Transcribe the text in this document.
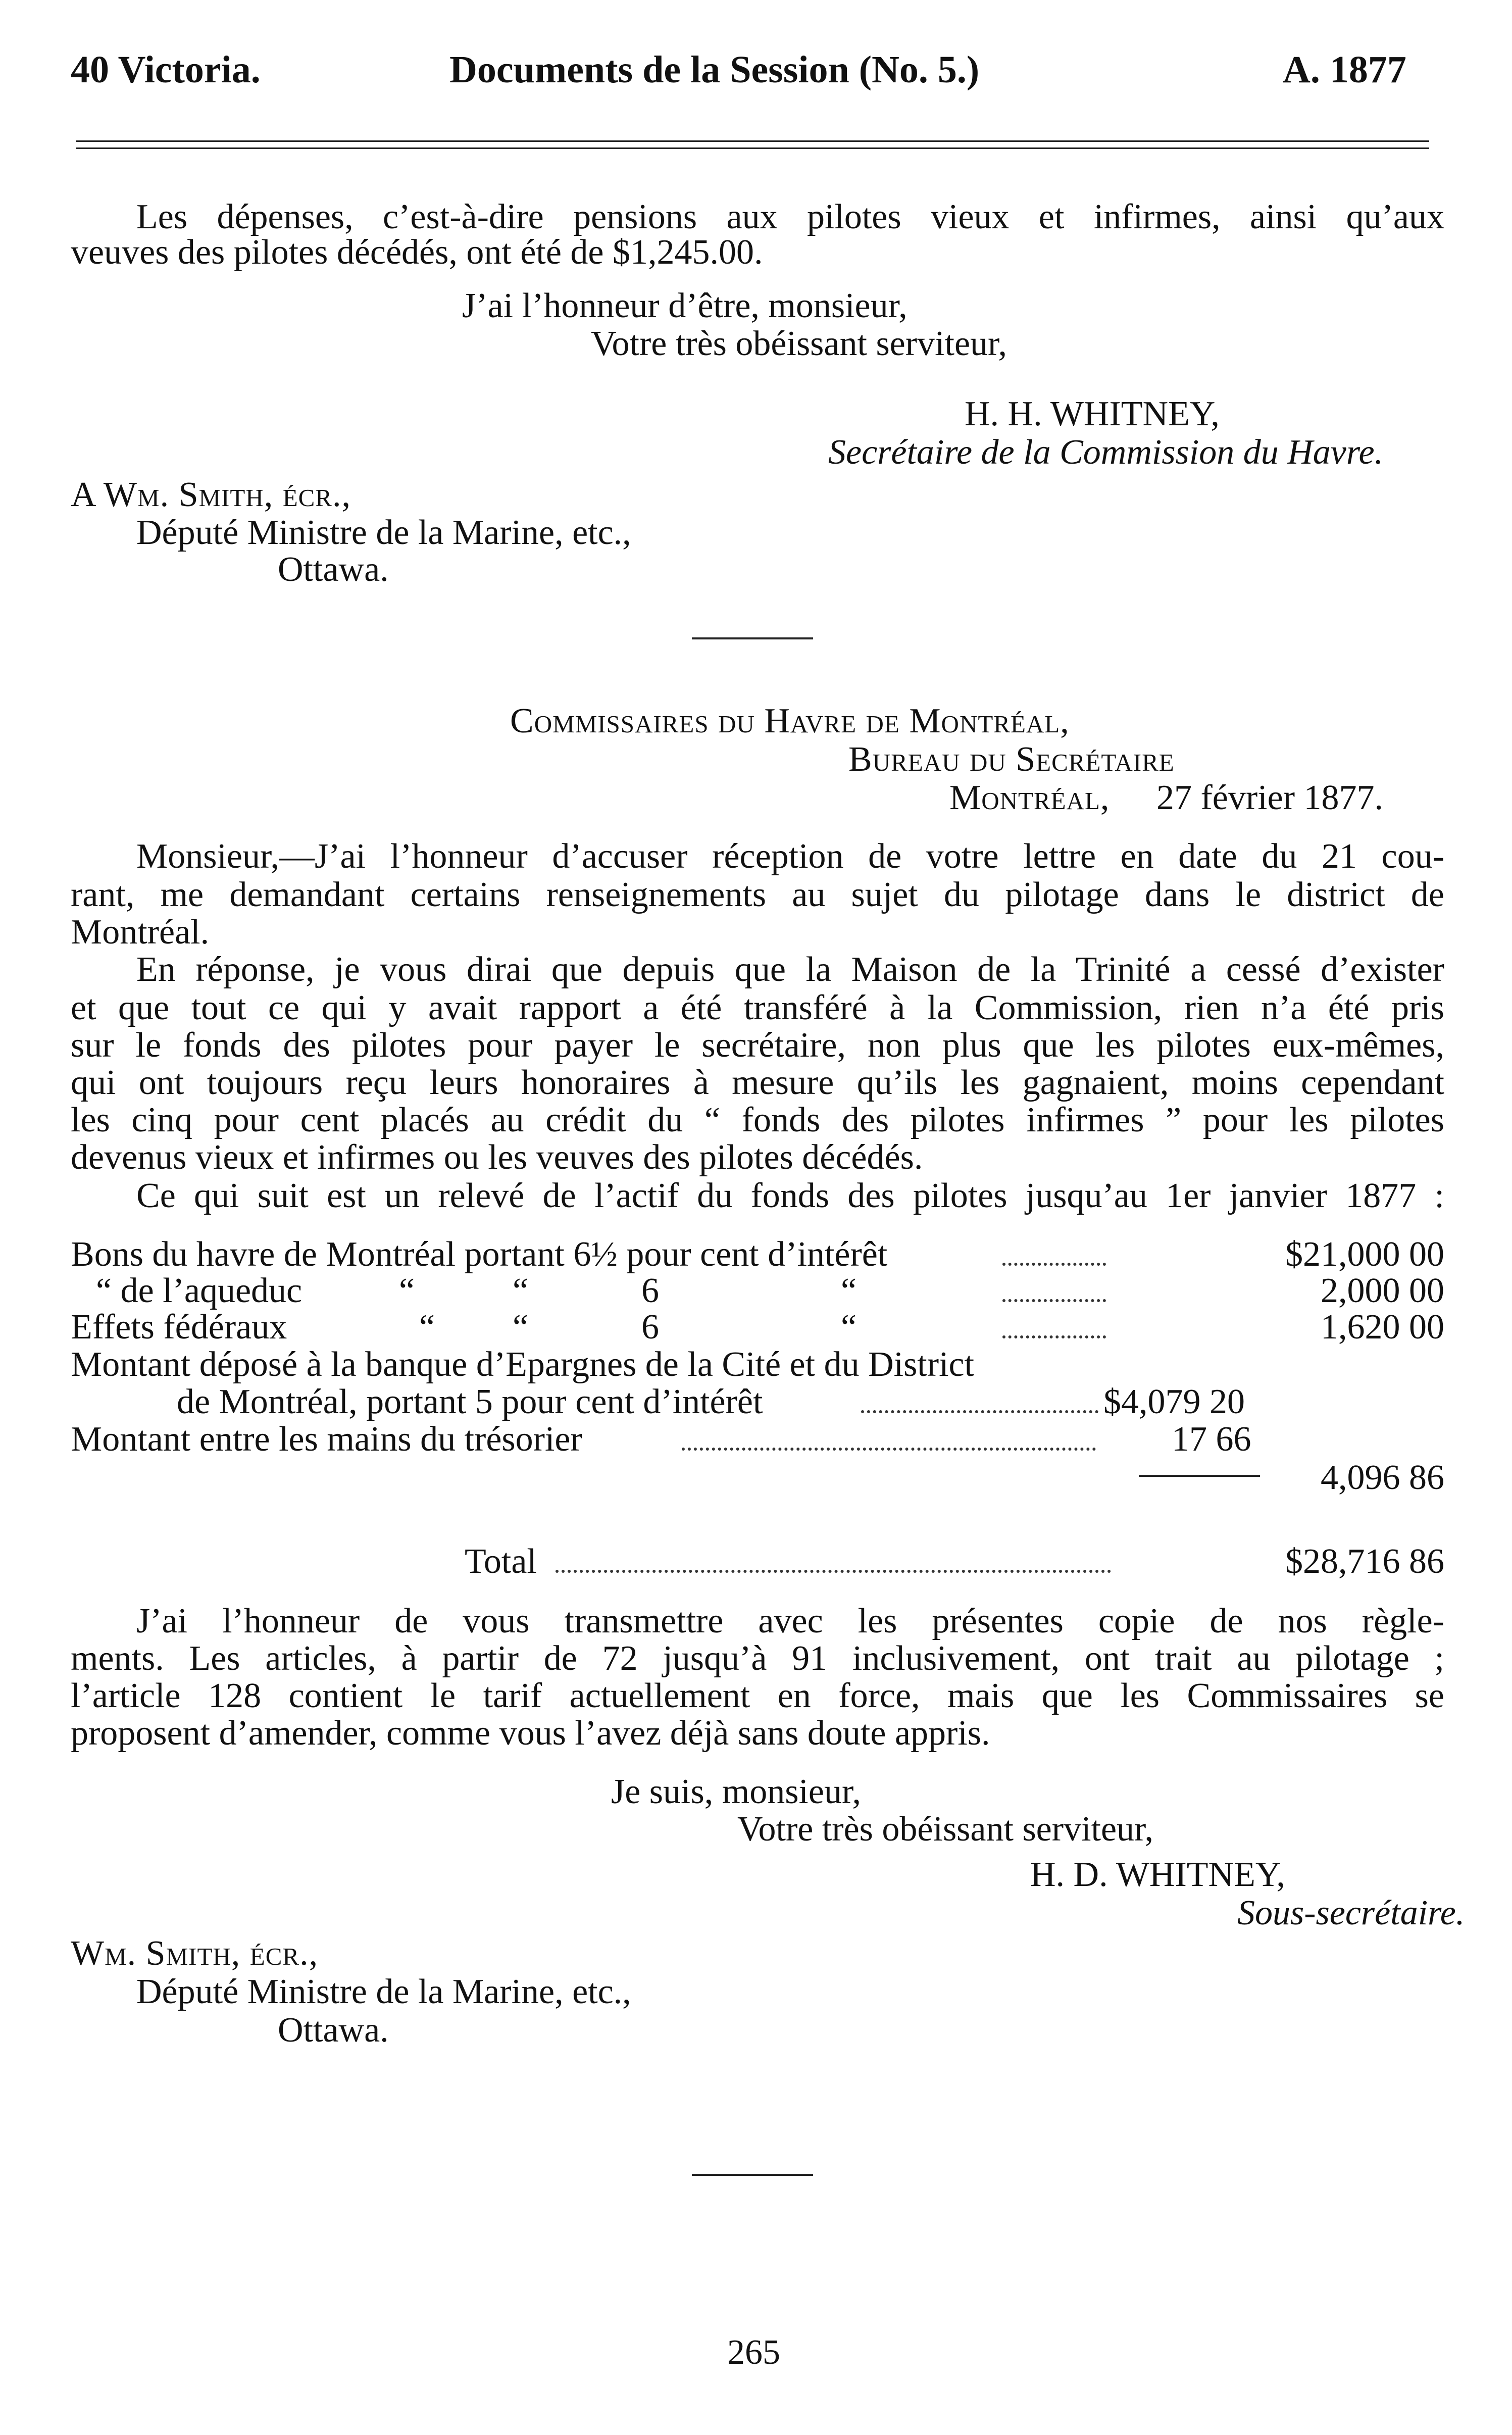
40 Victoria.	Documents de la Session (No. 5.)	A. 1877
Les dépenses, c’est-à-dire pensions aux pilotes vieux et infirmes, ainsi qu’aux
veuves des pilotes décédés, ont été de $1,245.00.
J’ai l’honneur d’être, monsieur,
Votre très obéissant serviteur,
H. H. WHITNEY,
Secrétaire de la Commission du Havre.
A Wm. Smith, écr.,
Député Ministre de la Marine, etc.,
Ottawa.
Commissaires du Havre de Montréal,
Bureau du Secrétaire
Montréal, 27 février 1877.
Monsieur,—J’ai l’honneur d’accuser réception de votre lettre en date du 21 cou-
rant, me demandant certains renseignements au sujet du pilotage dans le district de
Montréal.
En réponse, je vous dirai que depuis que la Maison de la Trinité a cessé d’exister
et que tout ce qui y avait rapport a été transféré à la Commission, rien n’a été pris
sur le fonds des pilotes pour payer le secrétaire, non plus que les pilotes eux-mêmes,
qui ont toujours reçu leurs honoraires à mesure qu’ils les gagnaient, moins cependant
les cinq pour cent placés au crédit du “ fonds des pilotes infirmes ” pour les pilotes
devenus vieux et infirmes ou les veuves des pilotes décédés.
Ce qui suit est un relevé de l’actif du fonds des pilotes jusqu’au 1er janvier 1877 :
Bons du havre de Montréal portant 6½ pour cent d’intérêt	$21,000 00
“ de l’aqueduc	“	“	6	“	2,000 00
Effets fédéraux	“ “	6	“	1,620 00
Montant déposé à la banque d’Epargnes de la Cité et du District
de Montréal, portant 5 pour cent d’intérêt	$4,079 20
Montant entre les mains du trésorier	17 66
4,096 86
Total	$28,716 86
J’ai l’honneur de vous transmettre avec les présentes copie de nos règle-
ments. Les articles, à partir de 72 jusqu’à 91 inclusivement, ont trait au pilotage ;
l’article 128 contient le tarif actuellement en force, mais que les Commissaires se
proposent d’amender, comme vous l’avez déjà sans doute appris.
Je suis, monsieur,
Votre très obéissant serviteur,
H. D. WHITNEY,
Sous-secrétaire.
Wm. Smith, écr.,
Député Ministre de la Marine, etc.,
Ottawa.
265
